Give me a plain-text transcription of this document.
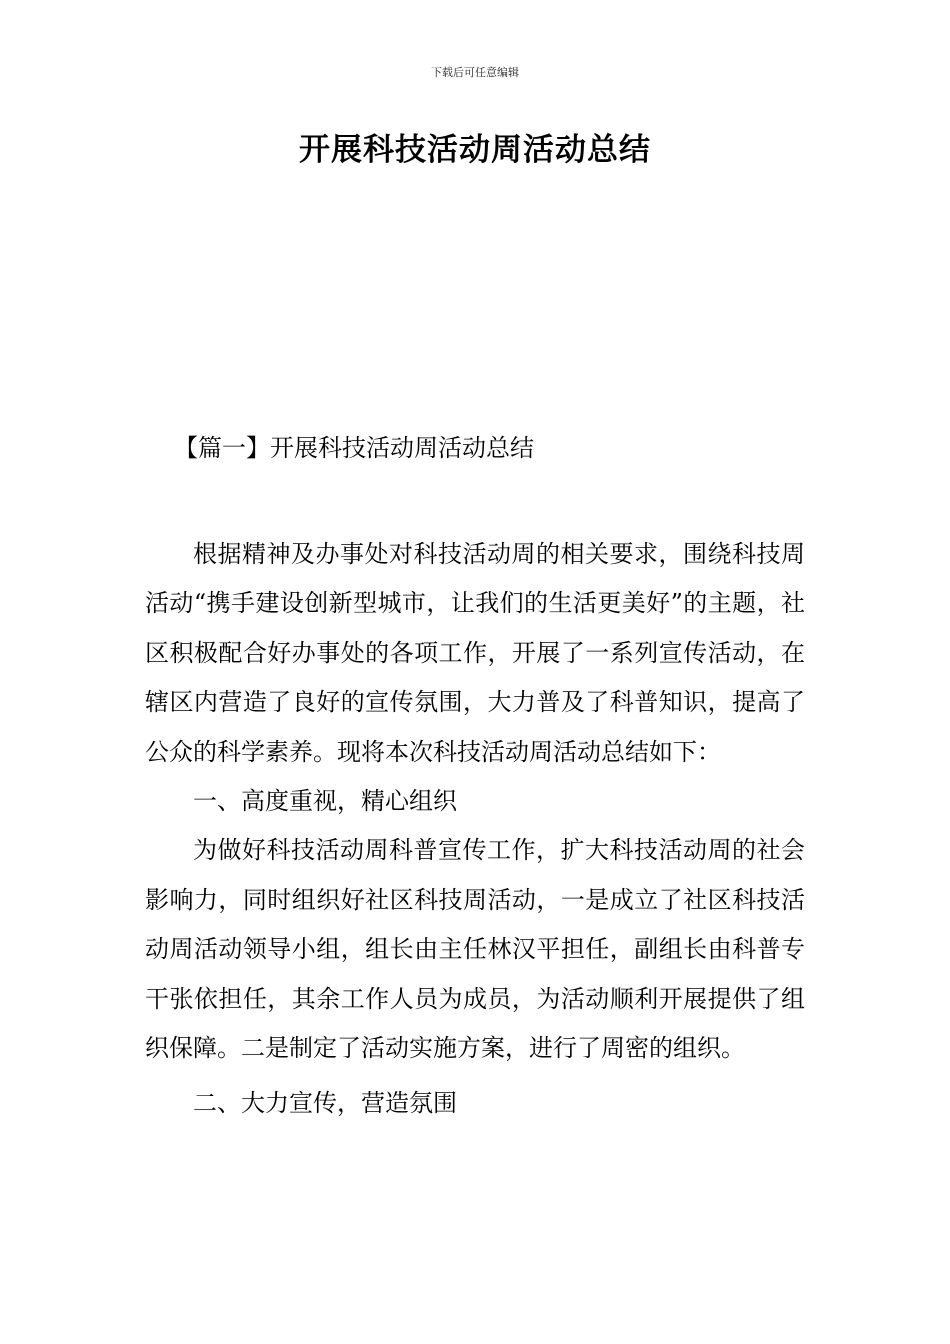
下载后可任意编辑
开展科技活动周活动总结
【篇一】开展科技活动周活动总结

根据精神及办事处对科技活动周的相关要求，围绕科技周活动“携手建设创新型城市，让我们的生活更美好”的主题，社区积极配合好办事处的各项工作，开展了一系列宣传活动，在辖区内营造了良好的宣传氛围，大力普及了科普知识，提高了公众的科学素养。现将本次科技活动周活动总结如下：

一、高度重视，精心组织

为做好科技活动周科普宣传工作，扩大科技活动周的社会影响力，同时组织好社区科技周活动，一是成立了社区科技活动周活动领导小组，组长由主任林汉平担任，副组长由科普专干张依担任，其余工作人员为成员，为活动顺利开展提供了组织保障。二是制定了活动实施方案，进行了周密的组织。

二、大力宣传，营造氛围
